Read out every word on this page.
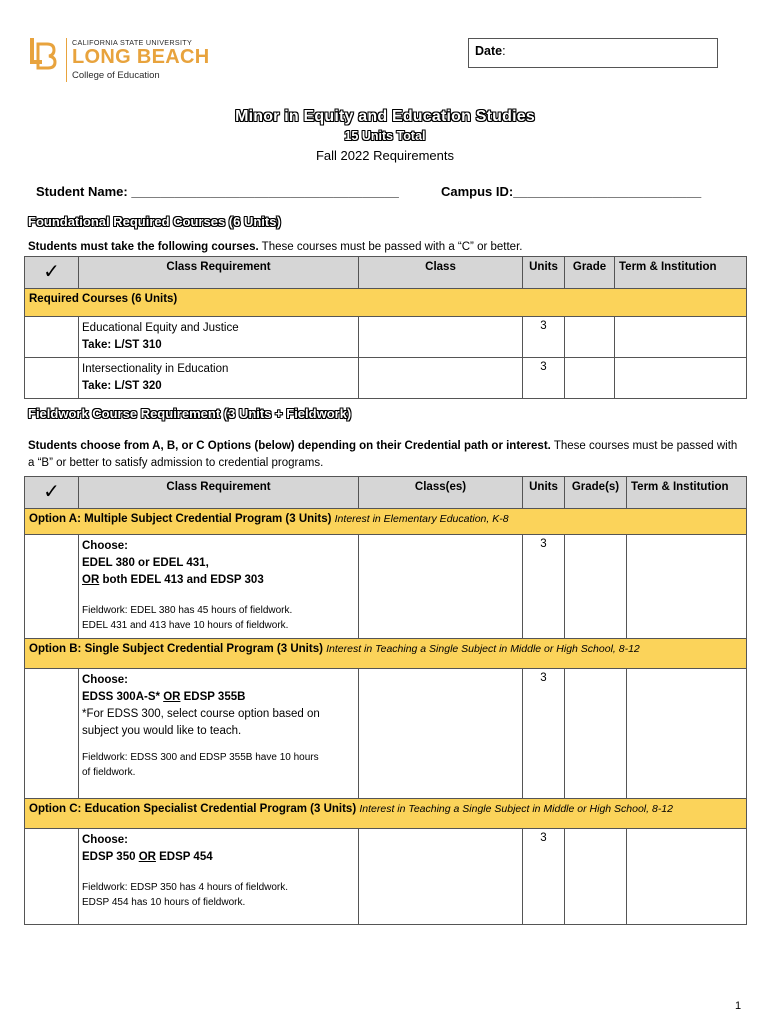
CALIFORNIA STATE UNIVERSITY
LONG BEACH
College of Education
Date:
Minor in Equity and Education Studies
15 Units Total
Fall 2022 Requirements
Student Name: _____________________________________	Campus ID:__________________________
Foundational Required Courses (6 Units)
Students must take the following courses. These courses must be passed with a “C” or better.
✓	Class Requirement	Class	Units	Grade	Term & Institution
Required Courses (6 Units)					

	Educational Equity and Justice
Take: L/ST 310		3		

	Intersectionality in Education
Take: L/ST 320		3		
Fieldwork Course Requirement (3 Units + Fieldwork)
Students choose from A, B, or C Options (below) depending on their Credential path or interest. These courses must be passed with a “B” or better to satisfy admission to credential programs.
✓	Class Requirement	Class(es)	Units	Grade(s)	Term & Institution
Option A: Multiple Subject Credential Program (3 Units) Interest in Elementary Education, K-8					

	Choose:
EDEL 380 or EDEL 431,
OR both EDEL 413 and EDSP 303
Fieldwork: EDEL 380 has 45 hours of fieldwork.
EDEL 431 and 413 have 10 hours of fieldwork.		3		
Option B: Single Subject Credential Program (3 Units) Interest in Teaching a Single Subject in Middle or High School, 8-12					

	Choose:
EDSS 300A-S* OR EDSP 355B
*For EDSS 300, select course option based on subject you would like to teach.
Fieldwork: EDSS 300 and EDSP 355B have 10 hours
of fieldwork.		3		
Option C: Education Specialist Credential Program (3 Units) Interest in Teaching a Single Subject in Middle or High School, 8-12					

	Choose:
EDSP 350 OR EDSP 454
Fieldwork: EDSP 350 has 4 hours of fieldwork.
EDSP 454 has 10 hours of fieldwork.		3		
1
